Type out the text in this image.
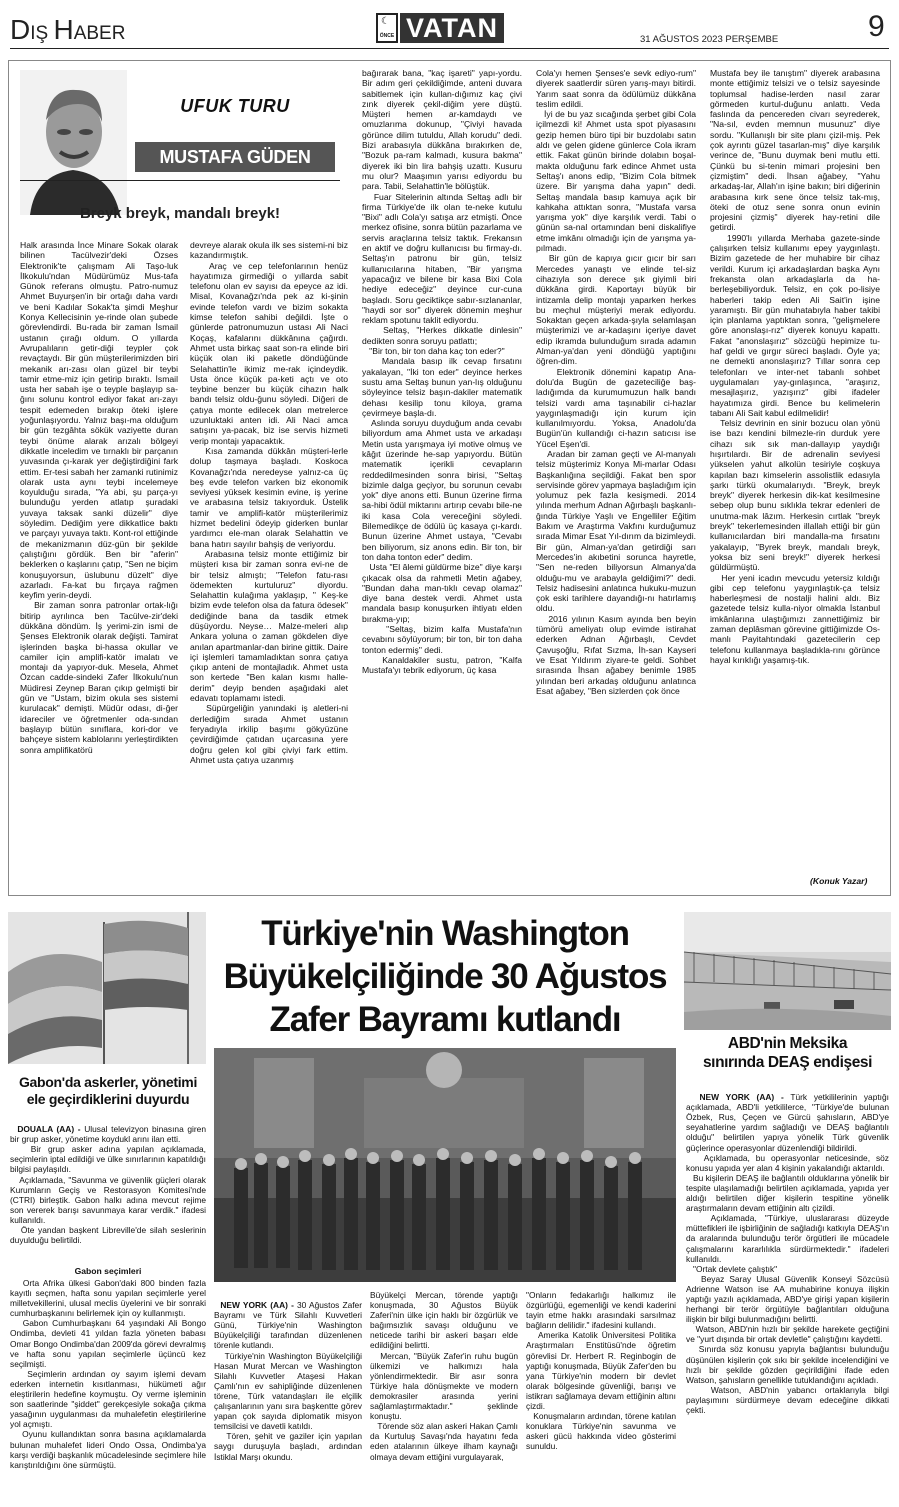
DIŞ HABER
☾
ÖNCE VATAN	31 AĞUSTOS 2023 PERŞEMBE	9
UFUK TURU
MUSTAFA GÜDEN
Breyk breyk, mandalı breyk!
Halk arasında İnce Minare Sokak olarak bilinen Tacülvezir'deki Özses Elektronik'te çalışmam Ali Taşo-luk İlkokulu'ndan Müdürümüz Mus-tafa Günok referans olmuştu. Patro-numuz Ahmet Buyurşen'in bir ortağı daha vardı ve beni Kadılar Sokak'ta şimdi Meşhur Konya Kellecisinin ye-rinde olan şubede görevlendirdi. Bu-rada bir zaman İsmail ustanın çırağı oldum. O yıllarda Avrupalıların getir-diği teypler çok revaçtaydı. Bir gün müşterilerimizden biri mekanik arı-zası olan güzel bir teybi tamir etme-miz için getirip bıraktı. İsmail usta her sabah işe o teyple başlayıp sa-ğını solunu kontrol ediyor fakat arı-zayı tespit edemeden bırakıp öteki işlere yoğunlaşıyordu. Yalnız başı-ma olduğum bir gün tezgâhta sökük vaziyette duran teybi önüme alarak arızalı bölgeyi dikkatle inceledim ve tırnaklı bir parçanın yuvasında çı-karak yer değiştirdiğini fark ettim. Er-tesi sabah her zamanki rutinimiz olarak usta aynı teybi incelemeye koyulduğu sırada, "Ya abi, şu parça-yı bulunduğu yerden atlatıp şuradaki yuvaya taksak sanki düzelir" diye söyledim. Dediğim yere dikkatlice baktı ve parçayı yuvaya taktı. Kont-rol ettiğinde de mekanizmanın düz-gün bir şekilde çalıştığını gördük. Ben bir "aferin" beklerken o kaşlarını çatıp, "Sen ne biçim konuşuyorsun, üslubunu düzelt" diye azarladı. Fa-kat bu fırçaya rağmen keyfim yerin-deydi.
Bir zaman sonra patronlar ortak-lığı bitirip ayrılınca ben Tacülve-zir'deki dükkâna döndüm. İş yerimi-zin ismi de Şenses Elektronik olarak değişti. Tamirat işlerinden başka bi-hassa okullar ve camiler için amplifi-katör imalatı ve montajı da yapıyor-duk. Mesela, Ahmet Özcan cadde-sindeki Zafer İlkokulu'nun Müdiresi Zeynep Baran çıkıp gelmişti bir gün ve "Ustam, bizim okula ses sistemi kurulacak" demişti. Müdür odası, di-ğer idareciler ve öğretmenler oda-sından başlayıp bütün sınıflara, kori-dor ve bahçeye sistem kablolarını yerleştirdikten sonra amplifikatörü
devreye alarak okula ilk ses sistemi-ni biz kazandırmıştık.
Araç ve cep telefonlarının henüz hayatımıza girmediği o yıllarda sabit telefonu olan ev sayısı da epeyce az idi. Misal, Kovanağzı'nda pek az ki-şinin evinde telefon vardı ve bizim sokakta kimse telefon sahibi değildi. İşte o günlerde patronumuzun ustası Ali Naci Koçaş, kafalarını dükkânına çağırdı. Ahmet usta birkaç saat son-ra elinde biri küçük olan iki paketle döndüğünde Selahattin'le ikimiz me-rak içindeydik. Usta önce küçük pa-keti açtı ve oto teybine benzer bu küçük cihazın halk bandı telsiz oldu-ğunu söyledi. Diğeri de çatıya monte edilecek olan metrelerce uzunluktaki anten idi. Ali Naci amca satışını ya-pacak, biz ise servis hizmeti verip montajı yapacaktık.
Kısa zamanda dükkân müşteri-lerle dolup taşmaya başladı. Koskoca Kovanağzı'nda neredeyse yalnız-ca üç beş evde telefon varken biz ekonomik seviyesi yüksek kesimin evine, iş yerine ve arabasına telsiz takıyorduk. Üstelik tamir ve amplifi-katör müşterilerimiz hizmet bedelini ödeyip giderken bunlar yardımcı ele-man olarak Selahattin ve bana hatırı sayılır bahşiş de veriyordu.
Arabasına telsiz monte ettiğimiz bir müşteri kısa bir zaman sonra evi-ne de bir telsiz almıştı; "Telefon fatu-rası ödemekten kurtuluruz" diyordu. Selahattin kulağıma yaklaşıp, " Keş-ke bizim evde telefon olsa da fatura ödesek" dediğinde bana da tasdik etmek düşüyordu. Neyse… Malze-meleri alıp Ankara yoluna o zaman gökdelen diye anılan apartmanlar-dan birine gittik. Daire içi işlemleri tamamladıktan sonra çatıya çıkıp anteni de montajladık. Ahmet usta son kertede "Ben kalan kısmı halle-derim" deyip benden aşağıdaki alet edavatı toplamamı istedi.
Süpürgeliğin yanındaki iş aletleri-ni derlediğim sırada Ahmet ustanın feryadıyla irkilip başımı gökyüzüne çevirdiğimde çatıdan uçarcasına yere doğru gelen kol gibi çiviyi fark ettim. Ahmet usta çatıya uzanmış
bağırarak bana, "kaç işareti" yapı-yordu. Bir adım geri çekildiğimde, anteni duvara sabitlemek için kullan-dığımız kaç çivi zınk diyerek çekil-diğim yere düştü. Müşteri hemen ar-kamdaydı ve omuzlarıma dokunup, "Çiviyi havada görünce dilim tutuldu, Allah korudu" dedi. Bizi arabasıyla dükkâna bırakırken de, "Bozuk pa-ram kalmadı, kusura bakma" diyerek iki bin lira bahşiş uzattı. Kusuru mu olur? Maaşımın yarısı ediyordu bu para. Tabii, Selahattin'le bölüştük.
Fuar Sitelerinin altında Seltaş adlı bir firma Türkiye'de ilk olan te-neke kutulu "Bixi" adlı Cola'yı satışa arz etmişti. Önce merkez ofisine, sonra bütün pazarlama ve servis araçlarına telsiz taktık. Frekansın en aktif ve doğru kullanıcısı bu firmay-dı. Seltaş'ın patronu bir gün, telsiz kullanıcılarına hitaben, "Bir yarışma yapacağız ve bilene bir kasa Bixi Cola hediye edeceğiz" deyince cur-cuna başladı. Soru geciktikçe sabır-sızlananlar, "haydi sor sor" diyerek dönemin meşhur reklam spotunu taklit ediyordu.
Seltaş, "Herkes dikkatle dinlesin" dedikten sonra soruyu patlattı;
"Bir ton, bir ton daha kaç ton eder?"
Mandala basıp ilk cevap fırsatını yakalayan, "İki ton eder" deyince herkes sustu ama Seltaş bunun yan-lış olduğunu söyleyince telsiz başın-dakiler matematik dehası kesilip tonu kiloya, grama çevirmeye başla-dı.
Aslında soruyu duyduğum anda cevabı biliyordum ama Ahmet usta ve arkadaşı Metin usta yarışmaya iyi motive olmuş ve kâğıt üzerinde he-sap yapıyordu. Bütün matematik içerikli cevapların reddedilmesinden sonra birisi, "Seltaş bizimle dalga geçiyor, bu sorunun cevabı yok" diye anons etti. Bunun üzerine firma sa-hibi ödül miktarını artırıp cevabı bile-ne iki kasa Cola vereceğini söyledi. Bilemedikçe de ödülü üç kasaya çı-kardı. Bunun üzerine Ahmet ustaya, "Cevabı ben biliyorum, siz anons edin. Bir ton, bir ton daha tonton eder" dedim.
Usta "El âlemi güldürme bize" diye karşı çıkacak olsa da rahmetli Metin ağabey, "Bundan daha man-tıklı cevap olamaz" diye bana destek verdi. Ahmet usta mandala basıp konuşurken ihtiyatı elden bırakma-yıp;
"Seltaş, bizim kalfa Mustafa'nın cevabını söylüyorum; bir ton, bir ton daha tonton edermiş" dedi.
Kanaldakiler sustu, patron, "Kalfa Mustafa'yı tebrik ediyorum, üç kasa
Cola'yı hemen Şenses'e sevk ediyo-rum" diyerek saatlerdir süren yarış-mayı bitirdi. Yarım saat sonra da ödülümüz dükkâna teslim edildi.
İyi de bu yaz sıcağında şerbet gibi Cola içilmezdi ki! Ahmet usta spot piyasasını gezip hemen büro tipi bir buzdolabı satın aldı ve gelen gidene günlerce Cola ikram ettik. Fakat günün birinde dolabın boşal-makta olduğunu fark edince Ahmet usta Seltaş'ı anons edip, "Bizim Cola bitmek üzere. Bir yarışma daha yapın" dedi. Seltaş mandala basıp kamuya açık bir kahkaha attıktan sonra, "Mustafa varsa yarışma yok" diye karşılık verdi. Tabi o günün sa-nal ortamından beni diskalifiye etme imkânı olmadığı için de yarışma ya-pılmadı.
Bir gün de kapıya gıcır gıcır bir sarı Mercedes yanaştı ve elinde tel-siz cihazıyla son derece şık giyimli biri dükkâna girdi. Kaportayı büyük bir intizamla delip montajı yaparken herkes bu meçhul müşteriyi merak ediyordu. Sokaktan geçen arkada-şıyla selamlaşan müşterimizi ve ar-kadaşını içeriye davet edip ikramda bulunduğum sırada adamın Alman-ya'dan yeni döndüğü yaptığını öğren-dim.
Elektronik dönemini kapatıp Ana-dolu'da Bugün de gazeteciliğe baş-ladığımda da kurumumuzun halk bandı telsizi vardı ama taşınabilir ci-hazlar yaygınlaşmadığı için kurum için kullanılmıyordu. Yoksa, Anadolu'da Bugün'ün kullandığı ci-hazın satıcısı ise Yücel Eşen'di.
Aradan bir zaman geçti ve Al-manyalı telsiz müşterimiz Konya Mi-marlar Odası Başkanlığına seçildiği. Fakat ben spor servisinde görev yapmaya başladığım için yolumuz pek fazla kesişmedi. 2014 yılında merhum Adnan Ağırbaşlı başkanlı-ğında Türkiye Yaşlı ve Engelliler Eğitim Bakım ve Araştırma Vakfını kurduğumuz sırada Mimar Esat Yıl-dırım da bizimleydi. Bir gün, Alman-ya'dan getirdiği sarı Mercedes'in akıbetini sorunca hayretle, "Sen ne-reden biliyorsun Almanya'da olduğu-mu ve arabayla geldiğimi?" dedi. Telsiz hadisesini anlatınca hukuku-muzun çok eski tarihlere dayandığı-nı hatırlamış oldu.
2016 yılının Kasım ayında ben beyin tümörü ameliyatı olup evimde istirahat ederken Adnan Ağırbaşlı, Cevdet Çavuşoğlu, Rıfat Sızma, İh-san Kayseri ve Esat Yıldırım ziyare-te geldi. Sohbet sırasında İhsan ağabey benimle 1985 yılından beri arkadaş olduğunu anlatınca Esat ağabey, "Ben sizlerden çok önce
Mustafa bey ile tanıştım" diyerek arabasına monte ettiğimiz telsizi ve o telsiz sayesinde toplumsal hadise-lerden nasıl zarar görmeden kurtul-duğunu anlattı. Veda faslında da pencereden civarı seyrederek, "Na-sıl, evden memnun musunuz" diye sordu. "Kullanışlı bir site planı çizil-miş. Pek çok ayrıntı güzel tasarlan-mış" diye karşılık verince de, "Bunu duymak beni mutlu etti. Çünkü bu si-tenin mimari projesini ben çizmiştim" dedi. İhsan ağabey, "Yahu arkadaş-lar, Allah'ın işine bakın; biri diğerinin arabasına kırk sene önce telsiz tak-mış, öteki de otuz sene sonra onun evinin projesini çizmiş" diyerek hay-retini dile getirdi.
1990'lı yıllarda Merhaba gazete-sinde çalışırken telsiz kullanımı epey yaygınlaştı. Bizim gazetede de her muhabire bir cihaz verildi. Kurum içi arkadaşlardan başka Aynı frekansta olan arkadaşlarla da ha-berleşebiliyorduk. Telsiz, en çok po-lisiye haberleri takip eden Ali Sait'in işine yaramıştı. Bir gün muhatabıyla haber takibi için planlama yaptıktan sonra, "gelişmelere göre anonslaşı-rız" diyerek konuyu kapattı. Fakat "anonslaşırız" sözcüğü hepimize tu-haf geldi ve gırgır süreci başladı. Öyle ya; ne demekti anonslaşırız? Tıllar sonra cep telefonları ve inter-net tabanlı sohbet uygulamaları yay-gınlaşınca, "araşırız, mesajlaşırız, yazışırız" gibi ifadeler hayatımıza girdi. Bence bu kelimelerin tabanı Ali Sait kabul edilmelidir!
Telsiz devrinin en sinir bozucu olan yönü ise bazı kendini bilmezle-rin durduk yere cihazı sık sık man-dallayıp yaydığı hışırtılardı. Bir de adrenalin seviyesi yükselen yahut alkolün tesiriyle coşkuya kapılan bazı kimselerin assolistlik edasıyla şarkı türkü okumalarıydı. "Breyk, breyk breyk" diyerek herkesin dik-kat kesilmesine sebep olup bunu sıklıkla tekrar edenleri de unutma-mak lâzım. Herkesin cırtlak "breyk breyk" tekerlemesinden illallah ettiği bir gün kullanıcılardan biri mandalla-ma fırsatını yakalayıp, "Byrek breyk, mandalı breyk, yoksa biz seni breyk!" diyerek herkesi güldürmüştü.
Her yeni icadın mevcudu yetersiz kıldığı gibi cep telefonu yaygınlaştık-ça telsiz haberleşmesi de nostalji halini aldı. Biz gazetede telsiz kulla-niyor olmakla İstanbul imkânlarına ulaştığımızı zannettiğimiz bir zaman deplâsman görevine gittiğimizde Os-manlı Payitahtındaki gazetecilerin cep telefonu kullanmaya başladıkla-rını görünce hayal kırıklığı yaşamış-tık.
(Konuk Yazar)
Gabon'da askerler, yönetimi ele geçirdiklerini duyurdu

DOUALA (AA) - Ulusal televizyon binasına giren bir grup asker, yönetime koydukl arını ilan etti.
Bir grup asker adına yapılan açıklamada, seçimlerin iptal edildiği ve ülke sınırlarının kapatıldığı bilgisi paylaşıldı.
Açıklamada, "Savunma ve güvenlik güçleri olarak Kurumların Geçiş ve Restorasyon Komitesi'nde (CTRI) birleştik. Gabon halkı adına mevcut rejime son vererek barışı savunmaya karar verdik." ifadesi kullanıldı.
Öte yandan başkent Libreville'de silah seslerinin duyulduğu belirtildi.

Gabon seçimleri
Orta Afrika ülkesi Gabon'daki 800 binden fazla kayıtlı seçmen, hafta sonu yapılan seçimlerle yerel milletvekillerini, ulusal meclis üyelerini ve bir sonraki cumhurbaşkanını belirlemek için oy kullanmıştı.
Gabon Cumhurbaşkanı 64 yaşındaki Ali Bongo Ondimba, devleti 41 yıldan fazla yöneten babası Omar Bongo Ondimba'dan 2009'da görevi devralmış ve hafta sonu yapılan seçimlerle üçüncü kez seçilmişti.
Seçimlerin ardından oy sayım işlemi devam ederken internetin kısıtlanması, hükümeti ağır eleştirilerin hedefine koymuştu. Oy verme işleminin son saatlerinde "şiddet" gerekçesiyle sokağa çıkma yasağının uygulanması da muhalefetin eleştirilerine yol açmıştı.
Oyunu kullandıktan sonra basına açıklamalarda bulunan muhalefet lideri Ondo Ossa, Ondimba'ya karşı verdiği başkanlık mücadelesinde seçimlere hile karıştırıldığını öne sürmüştü.
Türkiye'nin Washington
Büyükelçiliğinde 30 Ağustos
Zafer Bayramı kutlandı

NEW YORK (AA) - 30 Ağustos Zafer Bayramı ve Türk Silahlı Kuvvetleri Günü, Türkiye'nin Washington Büyükelçiliği tarafından düzenlenen törenle kutlandı.
Türkiye'nin Washington Büyükelçiliği Hasan Murat Mercan ve Washington Silahlı Kuvvetler Ataşesi Hakan Çamlı'nın ev sahipliğinde düzenlenen törene, Türk vatandaşları ile elçilik çalışanlarının yanı sıra başkentte görev yapan çok sayıda diplomatik misyon temsilcisi ve davetli katıldı.
Tören, şehit ve gaziler için yapılan saygı duruşuyla başladı, ardından İstiklal Marşı okundu.

Büyükelçi Mercan, törende yaptığı konuşmada, 30 Ağustos Büyük Zaferi'nin ülke için haklı bir özgürlük ve bağımsızlık savaşı olduğunu ve neticede tarihi bir askeri başarı elde edildiğini belirtti.
Mercan, "Büyük Zafer'in ruhu bugün ülkemizi ve halkımızı hala yönlendirmektedir. Bir asır sonra Türkiye hala dönüşmekte ve modern demokrasiler arasında yerini sağlamlaştırmaktadır." şeklinde konuştu.
Törende söz alan askeri Hakan Çamlı da Kurtuluş Savaşı'nda hayatını feda eden atalarının ülkeye ilham kaynağı olmaya devam ettiğini vurgulayarak,
"Onların fedakarlığı halkımız ile özgürlüğü, egemenliği ve kendi kaderini tayin etme hakkı arasındaki sarsılmaz bağların delilidir." ifadesini kullandı.
Amerika Katolik Üniversitesi Politika Araştırmaları Enstitüsü'nde öğretim görevlisi Dr. Herbert R. Reginbogin de yaptığı konuşmada, Büyük Zafer'den bu yana Türkiye'nin modern bir devlet olarak bölgesinde güvenliği, barışı ve istikrarı sağlamaya devam ettiğinin altını çizdi.
Konuşmaların ardından, törene katılan konuklara Türkiye'nin savunma ve askeri gücü hakkında video gösterimi sunuldu.
ABD'nin Meksika
sınırında DEAŞ endişesi

NEW YORK (AA) - Türk yetkililerinin yaptığı açıklamada, ABD'li yetkililerce, "Türkiye'de bulunan Özbek, Rus, Çeçen ve Gürcü şahısların, ABD'ye seyahatlerine yardım sağladığı ve DEAŞ bağlantılı olduğu" belirtilen yapıya yönelik Türk güvenlik güçlerince operasyonlar düzenlendiği bildirildi.
Açıklamada, bu operasyonlar neticesinde, söz konusu yapıda yer alan 4 kişinin yakalandığı aktarıldı.
Bu kişilerin DEAŞ ile bağlantılı olduklarına yönelik bir tespite ulaşılamadığı belirtilen açıklamada, yapıda yer aldığı belirtilen diğer kişilerin tespitine yönelik araştırmaların devam ettiğinin altı çizildi.
Açıklamada, "Türkiye, uluslararası düzeyde müttefikleri ile işbirliğinin de sağladığı katkıyla DEAŞ'ın da aralarında bulunduğu terör örgütleri ile mücadele çalışmalarını kararlılıkla sürdürmektedir." ifadeleri kullanıldı.
"Ortak devlete çalıştık"
Beyaz Saray Ulusal Güvenlik Konseyi Sözcüsü Adrienne Watson ise AA muhabirine konuya ilişkin yaptığı yazılı açıklamada, ABD'ye girişi yapan kişilerin herhangi bir terör örgütüyle bağlantıları olduğuna ilişkin bir bilgi bulunmadığını belirtti.
Watson, ABD'nin hızlı bir şekilde harekete geçtiğini ve "yurt dışında bir ortak devletle" çalıştığını kaydetti.
Sınırda söz konusu yapıyla bağlantısı bulunduğu düşünülen kişilerin çok sıkı bir şekilde incelendiğini ve hızlı bir şekilde gözden geçirildiğini ifade eden Watson, şahısların genellikle tutuklandığını açıkladı.
Watson, ABD'nin yabancı ortaklarıyla bilgi paylaşımını sürdürmeye devam edeceğine dikkati çekti.
